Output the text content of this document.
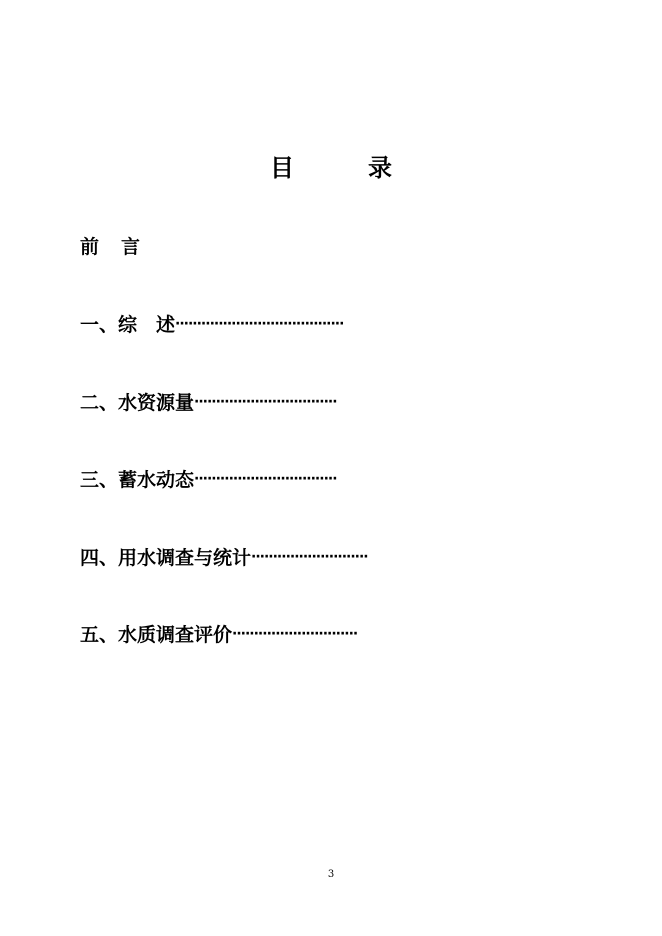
目	录
前 言
一、综　述·······································
二、水资源量·································
三、蓄水动态·································
四、用水调查与统计···························
五、水质调查评价·····························
3
